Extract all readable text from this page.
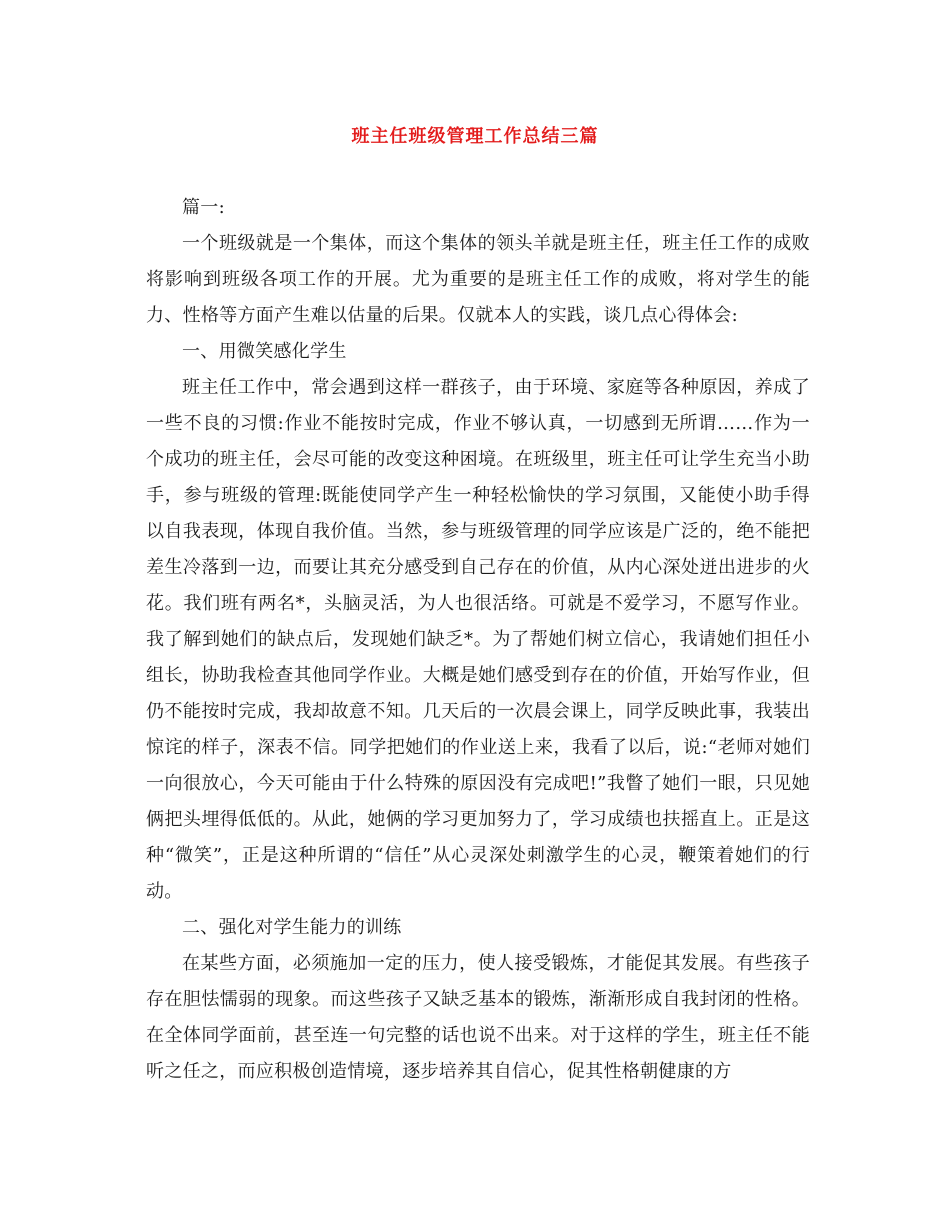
班主任班级管理工作总结三篇

篇一:

一个班级就是一个集体，而这个集体的领头羊就是班主任，班主任工作的成败将影响到班级各项工作的开展。尤为重要的是班主任工作的成败，将对学生的能力、性格等方面产生难以估量的后果。仅就本人的实践，谈几点心得体会:

一、用微笑感化学生

班主任工作中，常会遇到这样一群孩子，由于环境、家庭等各种原因，养成了一些不良的习惯:作业不能按时完成，作业不够认真，一切感到无所谓……作为一个成功的班主任，会尽可能的改变这种困境。在班级里，班主任可让学生充当小助手，参与班级的管理:既能使同学产生一种轻松愉快的学习氛围，又能使小助手得以自我表现，体现自我价值。当然，参与班级管理的同学应该是广泛的，绝不能把差生冷落到一边，而要让其充分感受到自己存在的价值，从内心深处迸出进步的火花。我们班有两名*，头脑灵活，为人也很活络。可就是不爱学习，不愿写作业。我了解到她们的缺点后，发现她们缺乏*。为了帮她们树立信心，我请她们担任小组长，协助我检查其他同学作业。大概是她们感受到存在的价值，开始写作业，但仍不能按时完成，我却故意不知。几天后的一次晨会课上，同学反映此事，我装出惊诧的样子，深表不信。同学把她们的作业送上来，我看了以后，说:“老师对她们一向很放心，今天可能由于什么特殊的原因没有完成吧!”我瞥了她们一眼，只见她俩把头埋得低低的。从此，她俩的学习更加努力了，学习成绩也扶摇直上。正是这种“微笑”，正是这种所谓的“信任”从心灵深处刺激学生的心灵，鞭策着她们的行动。

二、强化对学生能力的训练

在某些方面，必须施加一定的压力，使人接受锻炼，才能促其发展。有些孩子存在胆怯懦弱的现象。而这些孩子又缺乏基本的锻炼，渐渐形成自我封闭的性格。在全体同学面前，甚至连一句完整的话也说不出来。对于这样的学生，班主任不能听之任之，而应积极创造情境，逐步培养其自信心，促其性格朝健康的方
